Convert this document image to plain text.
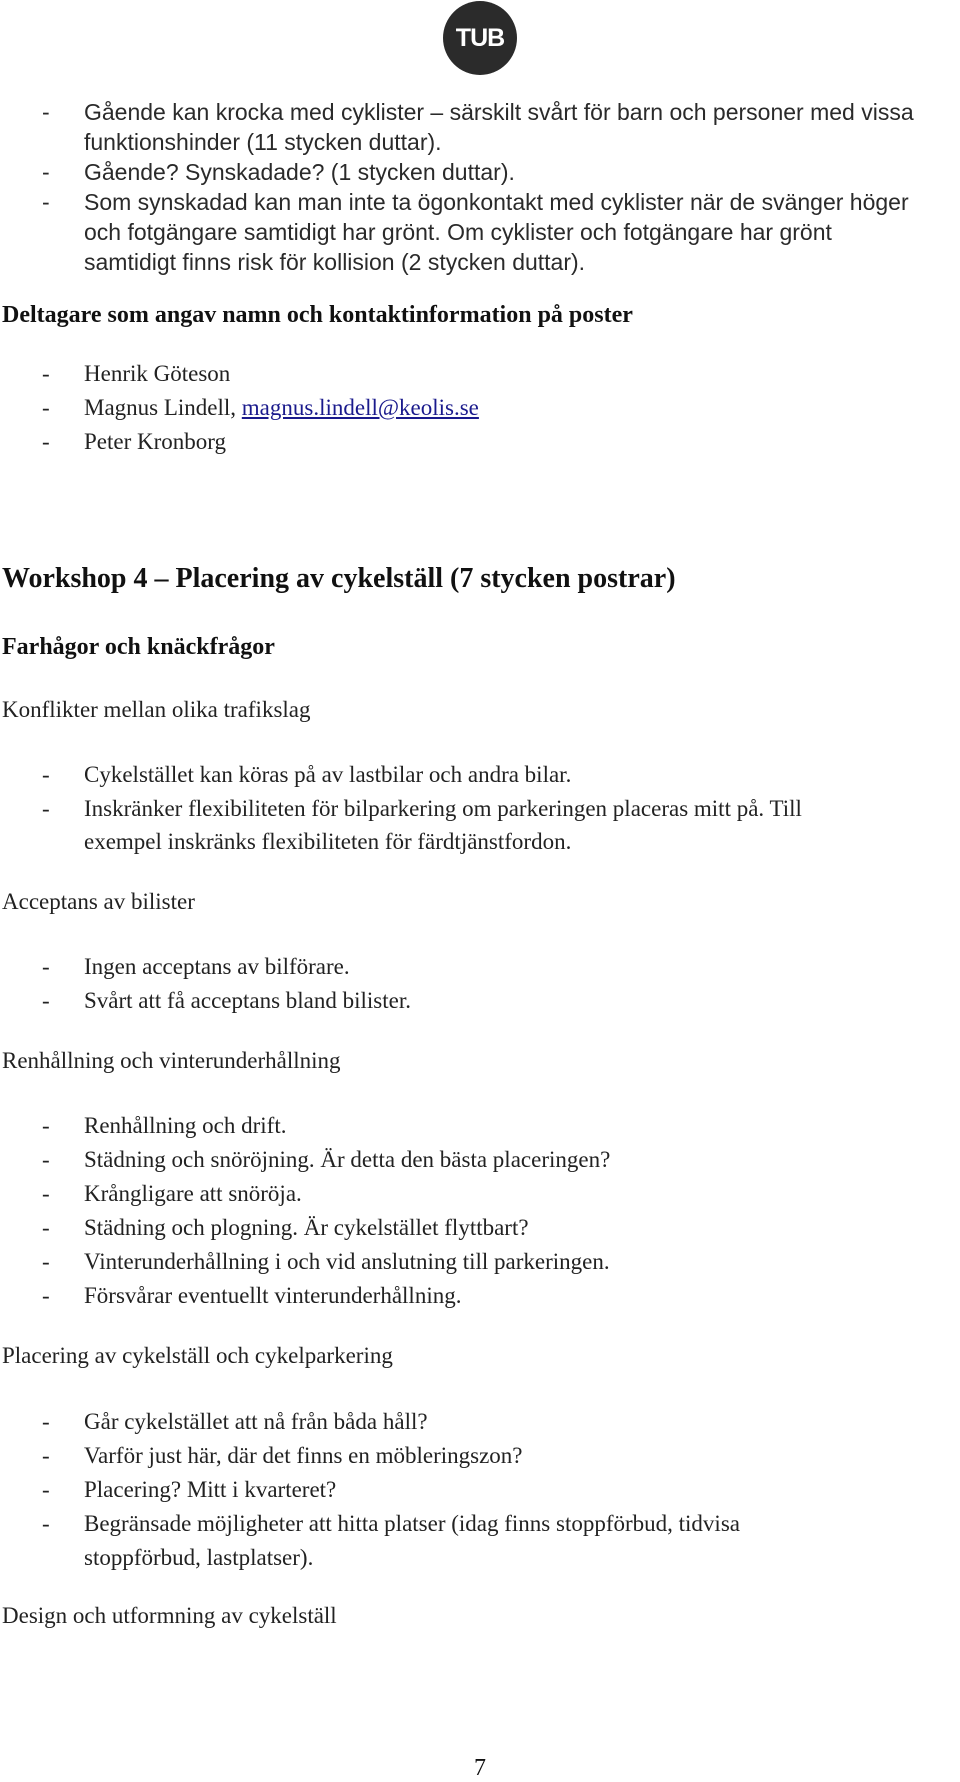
TUB
- Gående kan krocka med cyklister – särskilt svårt för barn och personer med vissa
funktionshinder (11 stycken duttar).
- Gående? Synskadade? (1 stycken duttar).
- Som synskadad kan man inte ta ögonkontakt med cyklister när de svänger höger
och fotgängare samtidigt har grönt. Om cyklister och fotgängare har grönt
samtidigt finns risk för kollision (2 stycken duttar).
Deltagare som angav namn och kontaktinformation på poster
- Henrik Göteson
- Magnus Lindell, magnus.lindell@keolis.se
- Peter Kronborg
Workshop 4 – Placering av cykelställ (7 stycken postrar)
Farhågor och knäckfrågor
Konflikter mellan olika trafikslag
- Cykelstället kan köras på av lastbilar och andra bilar.
- Inskränker flexibiliteten för bilparkering om parkeringen placeras mitt på. Till
exempel inskränks flexibiliteten för färdtjänstfordon.
Acceptans av bilister
- Ingen acceptans av bilförare.
- Svårt att få acceptans bland bilister.
Renhållning och vinterunderhållning
- Renhållning och drift.
- Städning och snöröjning. Är detta den bästa placeringen?
- Krångligare att snöröja.
- Städning och plogning. Är cykelstället flyttbart?
- Vinterunderhållning i och vid anslutning till parkeringen.
- Försvårar eventuellt vinterunderhållning.
Placering av cykelställ och cykelparkering
- Går cykelstället att nå från båda håll?
- Varför just här, där det finns en möbleringszon?
- Placering? Mitt i kvarteret?
- Begränsade möjligheter att hitta platser (idag finns stoppförbud, tidvisa
stoppförbud, lastplatser).
Design och utformning av cykelställ
7
